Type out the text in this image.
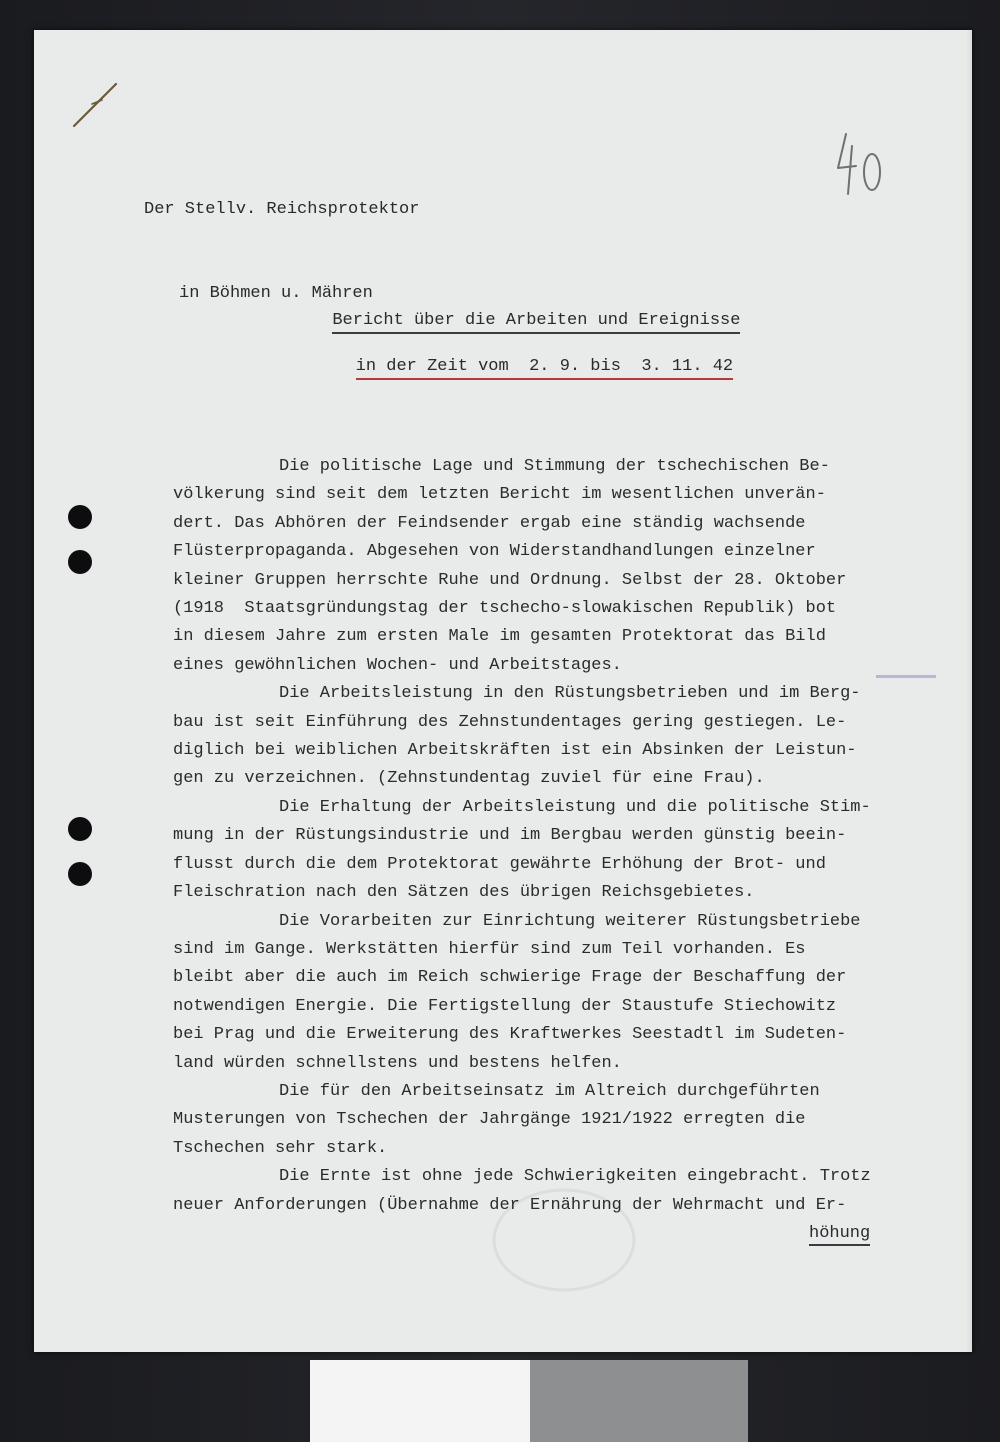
Der Stellv. Reichsprotektor

in Böhmen u. Mähren

Bericht über die Arbeiten und Ereignisse

in der Zeit vom  2. 9. bis  3. 11. 42

Die politische Lage und Stimmung der tschechischen Be-
völkerung sind seit dem letzten Bericht im wesentlichen unverän-
dert. Das Abhören der Feindsender ergab eine ständig wachsende
Flüsterpropaganda. Abgesehen von Widerstandhandlungen einzelner
kleiner Gruppen herrschte Ruhe und Ordnung. Selbst der 28. Oktober
(1918  Staatsgründungstag der tschecho-slowakischen Republik) bot
in diesem Jahre zum ersten Male im gesamten Protektorat das Bild
eines gewöhnlichen Wochen- und Arbeitstages.
Die Arbeitsleistung in den Rüstungsbetrieben und im Berg-
bau ist seit Einführung des Zehnstundentages gering gestiegen. Le-
diglich bei weiblichen Arbeitskräften ist ein Absinken der Leistun-
gen zu verzeichnen. (Zehnstundentag zuviel für eine Frau).
Die Erhaltung der Arbeitsleistung und die politische Stim-
mung in der Rüstungsindustrie und im Bergbau werden günstig beein-
flusst durch die dem Protektorat gewährte Erhöhung der Brot- und
Fleischration nach den Sätzen des übrigen Reichsgebietes.
Die Vorarbeiten zur Einrichtung weiterer Rüstungsbetriebe
sind im Gange. Werkstätten hierfür sind zum Teil vorhanden. Es
bleibt aber die auch im Reich schwierige Frage der Beschaffung der
notwendigen Energie. Die Fertigstellung der Staustufe Stiechowitz
bei Prag und die Erweiterung des Kraftwerkes Seestadtl im Sudeten-
land würden schnellstens und bestens helfen.
Die für den Arbeitseinsatz im Altreich durchgeführten
Musterungen von Tschechen der Jahrgänge 1921/1922 erregten die
Tschechen sehr stark.
Die Ernte ist ohne jede Schwierigkeiten eingebracht. Trotz
neuer Anforderungen (Übernahme der Ernährung der Wehrmacht und Er-
höhung
